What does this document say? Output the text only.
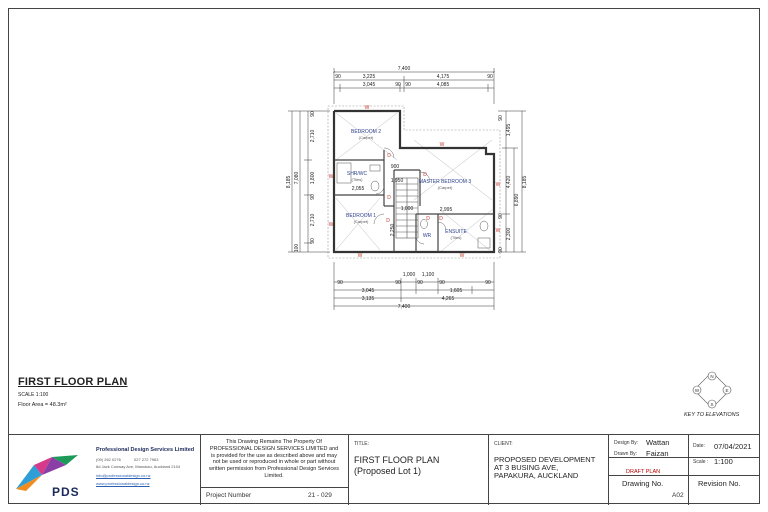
BEDROOM 2
(Carpet)
SHR/WC
(Tiles)	MASTER BEDROOM 3
(Carpet)
BEDROOM 1
(Carpet)
WR
ENSUITE
(Tiles)
W
W
W
W
W	W
W
W
D
D
D
D D
D
7,400
3,225	4,175
3,045	4,085
90
90 90
90
1,000 1,100
90	90	90	90	90
3,045	1,605
3,135	4,265
7,400
900
1,950
2,055
1,000	2,995
8,185 7,080
2,710
1,800
2,710
90
90
90
100
2,250
8,185
6,890
4,420
1,495
2,300
90
90
90
N
E
S
W
FIRST FLOOR PLAN
SCALE 1:100
Floor Area = 48.3m²
KEY TO ELEVATIONS
PDS
Professional Design Services Limited
(09) 262 0276	027 272 7963
8d Jack Conway Ave, Manukau, Auckland 2104
info@professionaldesign.co.nz
www.professionaldesign.co.nz
This Drawing Remains The Property Of PROFESSIONAL DESIGN SERVICES LIMITED and is provided for the use as described above and may not be used or reproduced in whole or part without written permission from Professional Design Services Limited.
Project Number	21 - 029
TITLE:
FIRST FLOOR PLAN
(Proposed Lot 1)
CLIENT:
PROPOSED DEVELOPMENT
AT 3 BUSING AVE,
PAPAKURA, AUCKLAND
Design By: Wattan
Drawn By: Faizan
Date: 07/04/2021
Scale : 1:100
DRAFT PLAN
Drawing No.
A02
Revision No.
